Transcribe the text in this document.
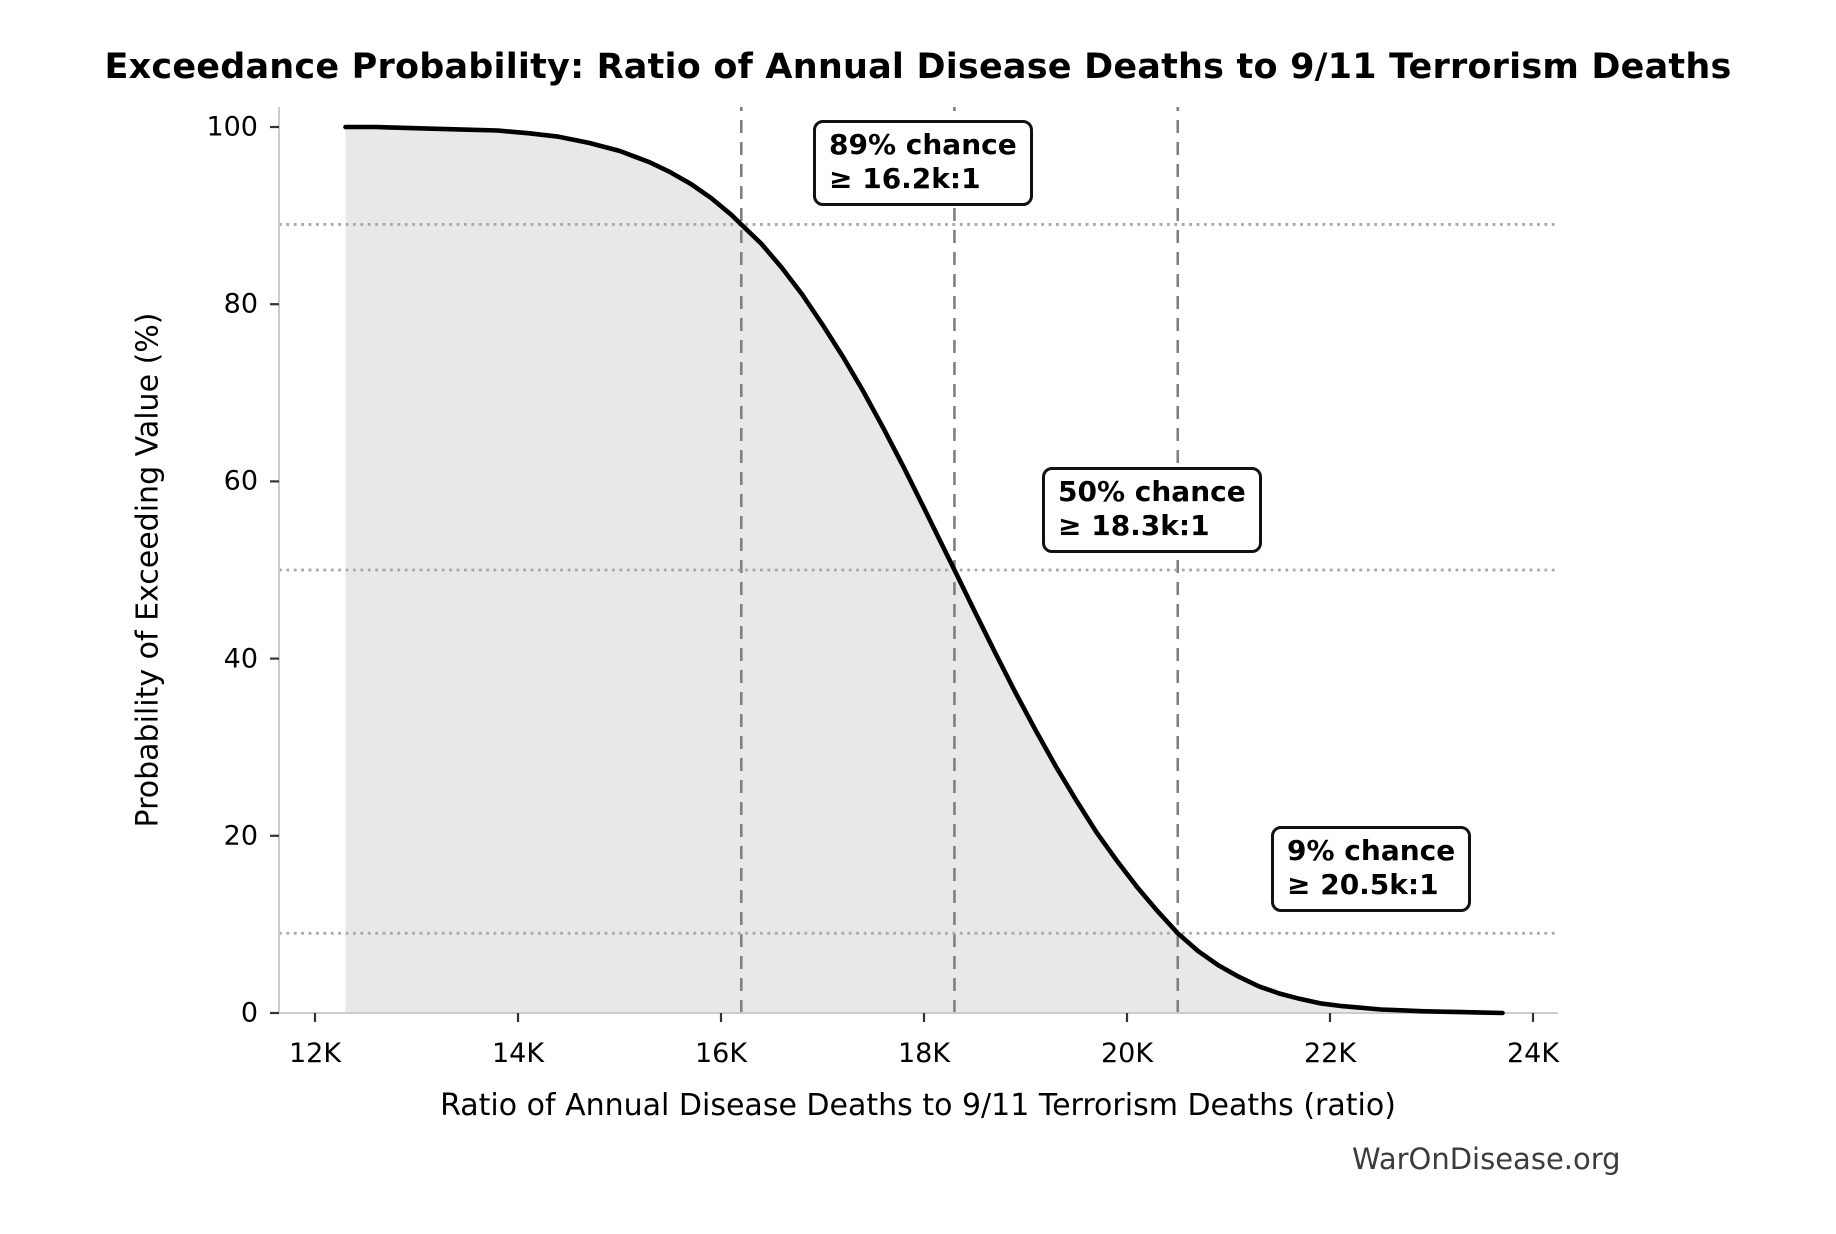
Exceedance Probability: Ratio of Annual Disease Deaths to 9/11 Terrorism Deaths
Probability of Exceeding Value (%)
12K	14K	16K	18K	20K	22K	24K
0
20
40
60
80
100
89% chance
≥ 16.2k:1
50% chance
≥ 18.3k:1
9% chance
≥ 20.5k:1
Ratio of Annual Disease Deaths to 9/11 Terrorism Deaths (ratio)
WarOnDisease.org
